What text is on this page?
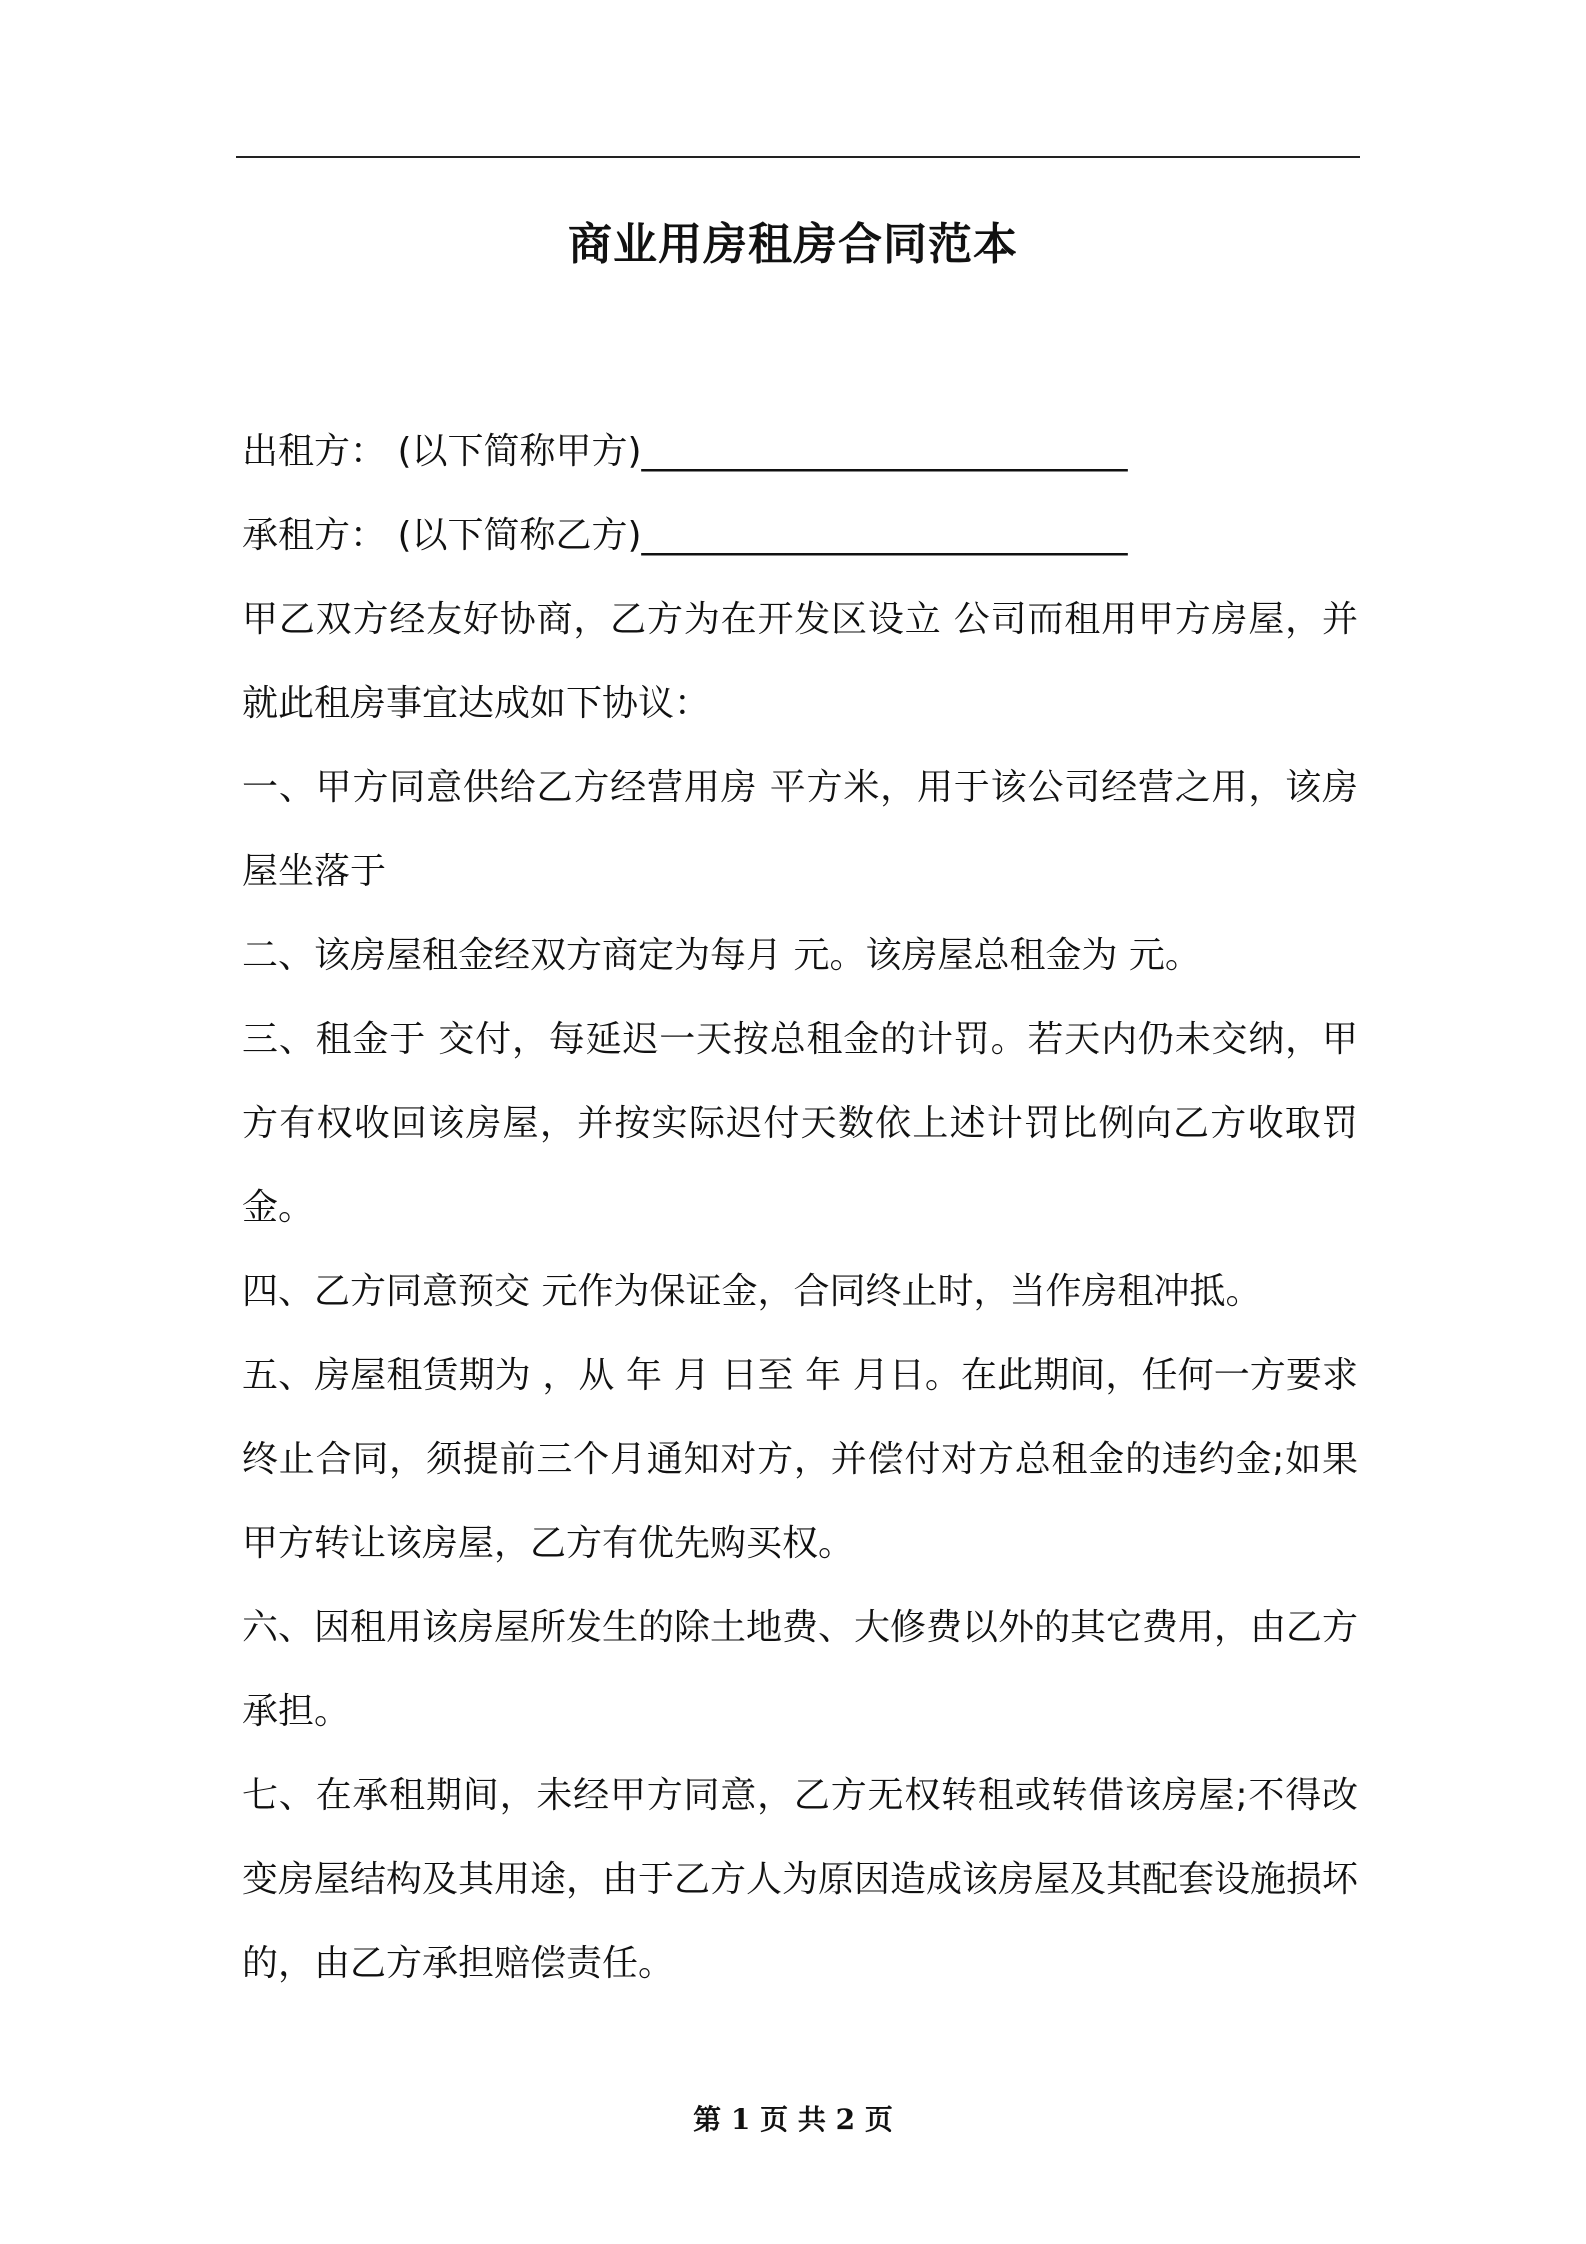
商业用房租房合同范本

出租方： (以下简称甲方)___________________________

承租方： (以下简称乙方)___________________________

甲乙双方经友好协商，乙方为在开发区设立 公司而租用甲方房屋，并就此租房事宜达成如下协议：

一、甲方同意供给乙方经营用房 平方米，用于该公司经营之用，该房屋坐落于

二、该房屋租金经双方商定为每月 元。该房屋总租金为 元。

三、租金于 交付，每延迟一天按总租金的计罚。若天内仍未交纳，甲方有权收回该房屋，并按实际迟付天数依上述计罚比例向乙方收取罚金。

四、乙方同意预交 元作为保证金，合同终止时，当作房租冲抵。

五、房屋租赁期为 ，从 年 月 日至 年 月日。在此期间，任何一方要求终止合同，须提前三个月通知对方，并偿付对方总租金的违约金;如果甲方转让该房屋，乙方有优先购买权。

六、因租用该房屋所发生的除土地费、大修费以外的其它费用，由乙方承担。

七、在承租期间，未经甲方同意，乙方无权转租或转借该房屋;不得改变房屋结构及其用途，由于乙方人为原因造成该房屋及其配套设施损坏的，由乙方承担赔偿责任。

第 1 页 共 2 页
